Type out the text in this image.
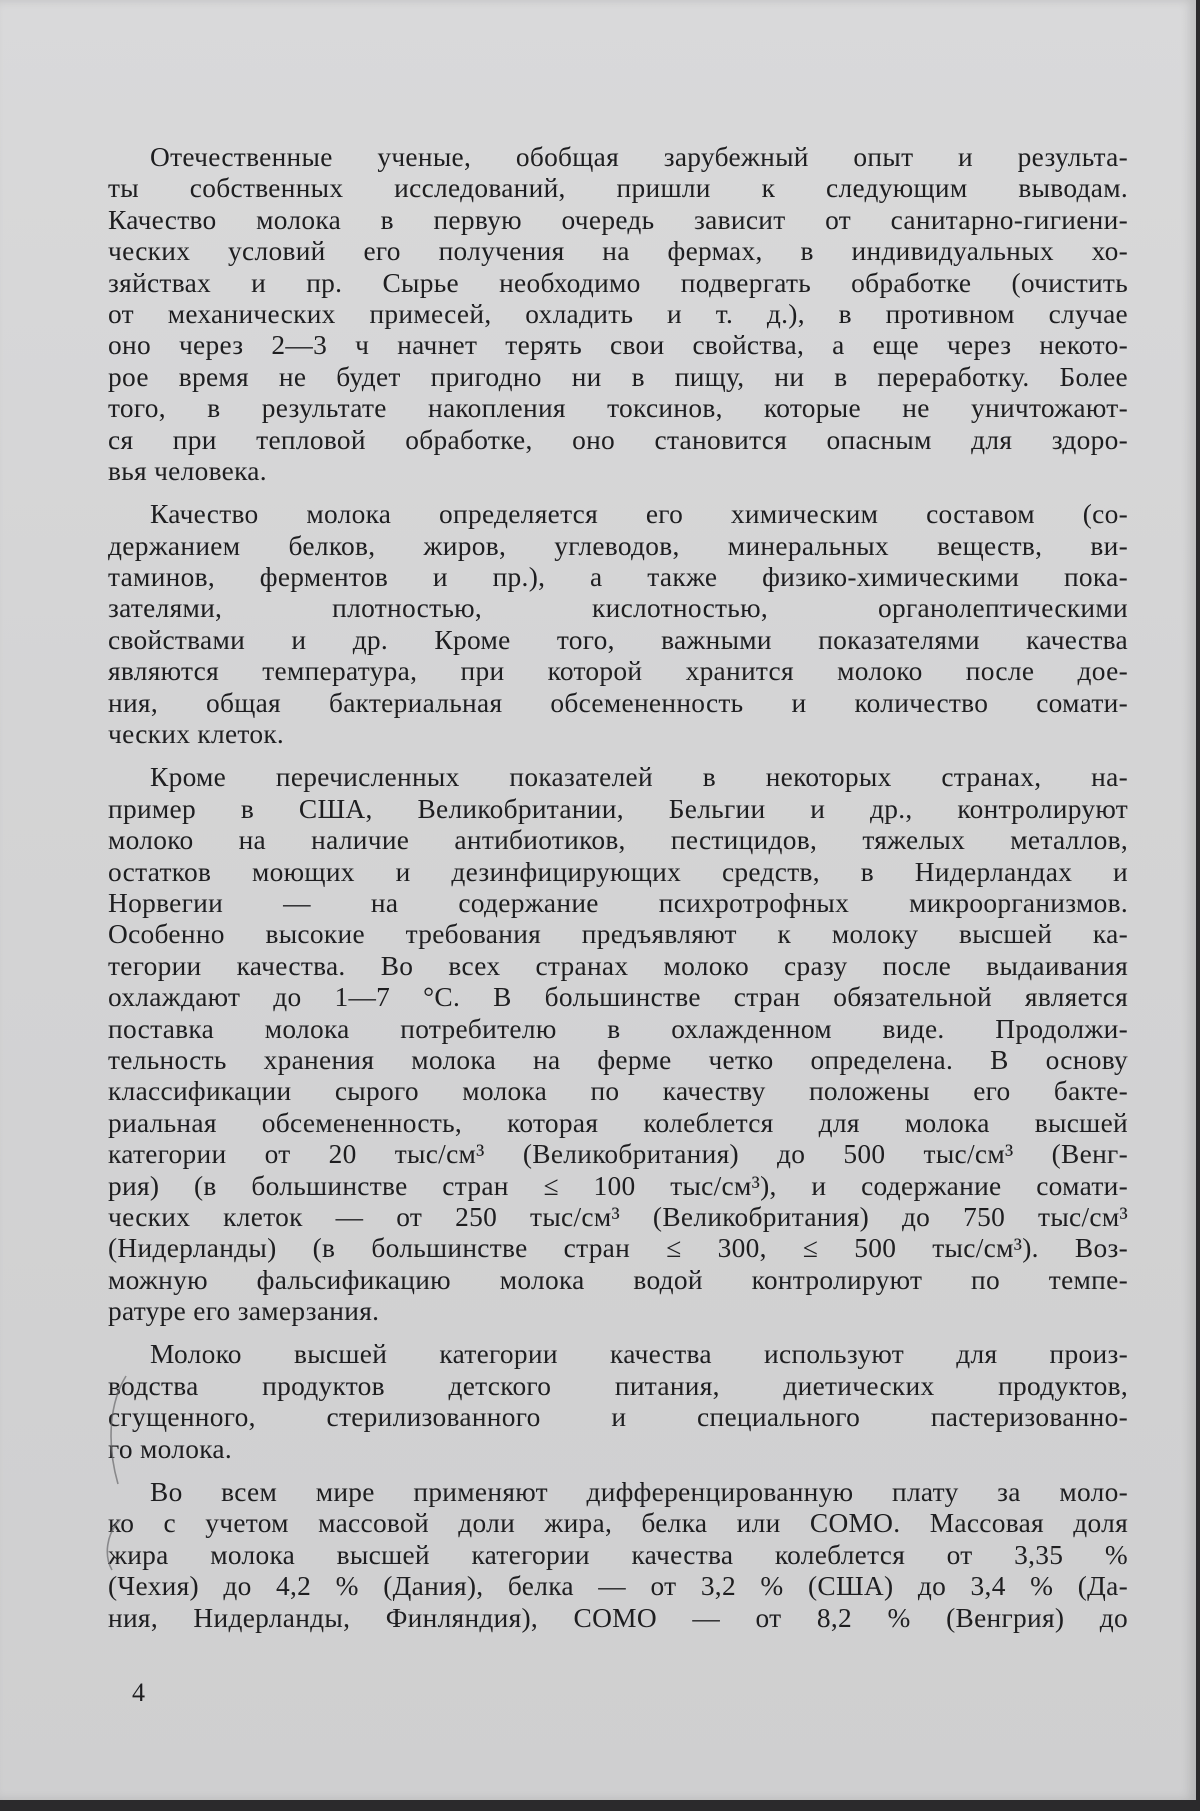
Отечественные ученые, обобщая зарубежный опыт и результа-
ты собственных исследований, пришли к следующим выводам.
Качество молока в первую очередь зависит от санитарно-гигиени-
ческих условий его получения на фермах, в индивидуальных хо-
зяйствах и пр. Сырье необходимо подвергать обработке (очистить
от механических примесей, охладить и т. д.), в противном случае
оно через 2—3 ч начнет терять свои свойства, а еще через некото-
рое время не будет пригодно ни в пищу, ни в переработку. Более
того, в результате накопления токсинов, которые не уничтожают-
ся при тепловой обработке, оно становится опасным для здоро-
вья человека.
Качество молока определяется его химическим составом (со-
держанием белков, жиров, углеводов, минеральных веществ, ви-
таминов, ферментов и пр.), а также физико-химическими пока-
зателями, плотностью, кислотностью, органолептическими
свойствами и др. Кроме того, важными показателями качества
являются температура, при которой хранится молоко после дое-
ния, общая бактериальная обсемененность и количество сомати-
ческих клеток.
Кроме перечисленных показателей в некоторых странах, на-
пример в США, Великобритании, Бельгии и др., контролируют
молоко на наличие антибиотиков, пестицидов, тяжелых металлов,
остатков моющих и дезинфицирующих средств, в Нидерландах и
Норвегии — на содержание психротрофных микроорганизмов.
Особенно высокие требования предъявляют к молоку высшей ка-
тегории качества. Во всех странах молоко сразу после выдаивания
охлаждают до 1—7 °С. В большинстве стран обязательной является
поставка молока потребителю в охлажденном виде. Продолжи-
тельность хранения молока на ферме четко определена. В основу
классификации сырого молока по качеству положены его бакте-
риальная обсемененность, которая колеблется для молока высшей
категории от 20 тыс/см³ (Великобритания) до 500 тыс/см³ (Венг-
рия) (в большинстве стран ≤ 100 тыс/см³), и содержание сомати-
ческих клеток — от 250 тыс/см³ (Великобритания) до 750 тыс/см³
(Нидерланды) (в большинстве стран ≤ 300, ≤ 500 тыс/см³). Воз-
можную фальсификацию молока водой контролируют по темпе-
ратуре его замерзания.
Молоко высшей категории качества используют для произ-
водства продуктов детского питания, диетических продуктов,
сгущенного, стерилизованного и специального пастеризованно-
го молока.
Во всем мире применяют дифференцированную плату за моло-
ко с учетом массовой доли жира, белка или СОМО. Массовая доля
жира молока высшей категории качества колеблется от 3,35 %
(Чехия) до 4,2 % (Дания), белка — от 3,2 % (США) до 3,4 % (Да-
ния, Нидерланды, Финляндия), СОМО — от 8,2 % (Венгрия) до
4
